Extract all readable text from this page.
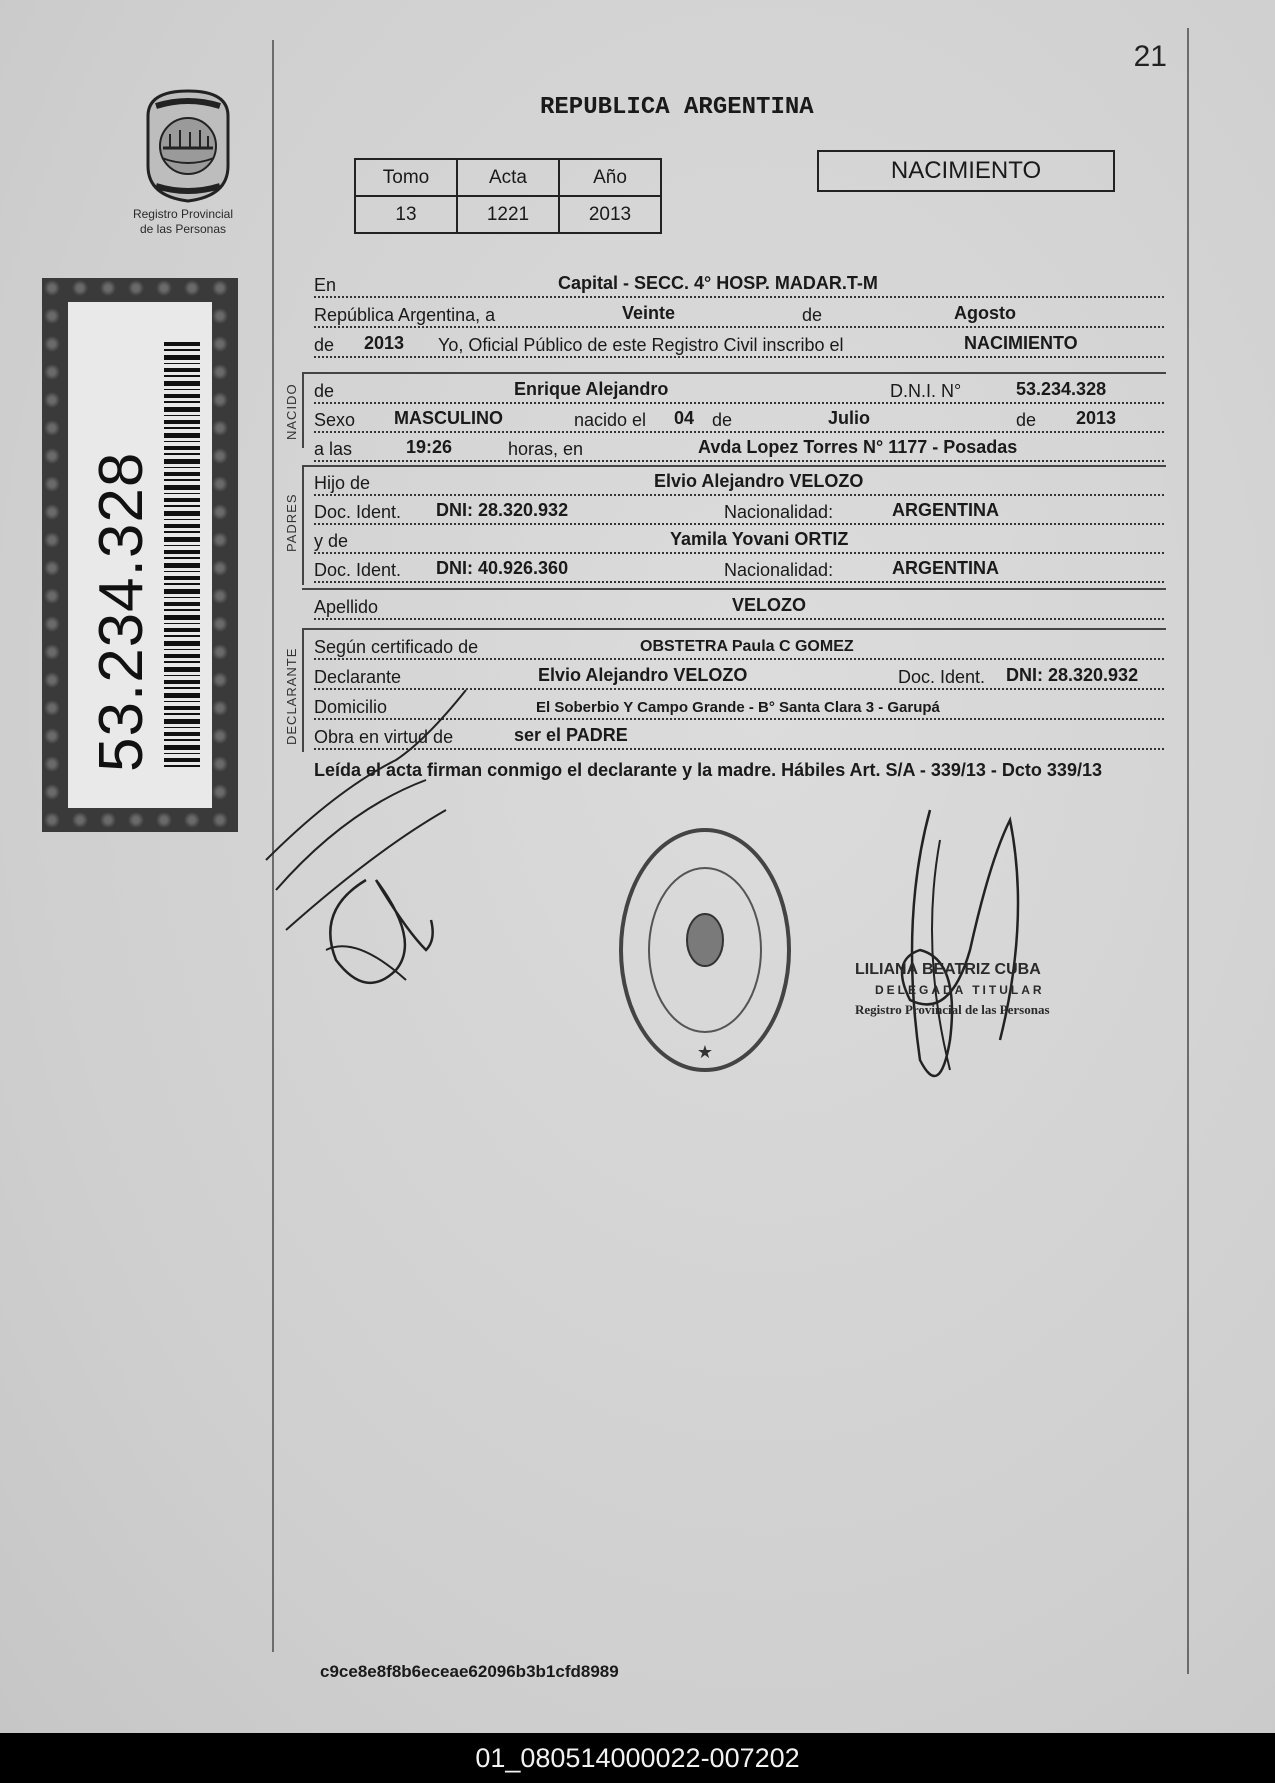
21
Registro Provincial
de las Personas
53.234.328
REPUBLICA ARGENTINA
Tomo	Acta	Año
13	1221	2013
NACIMIENTO
En	Capital - SECC. 4° HOSP. MADAR.T-M
República Argentina, a	Veinte	de	Agosto
de 2013 Yo, Oficial Público de este Registro Civil inscribo el	NACIMIENTO
NACIDO de	Enrique Alejandro	D.N.I. N°	53.234.328
Sexo MASCULINO	nacido el 04 de	Julio	de 2013
a las	19:26	horas, en	Avda Lopez Torres N° 1177 - Posadas
PADRES
Hijo de	Elvio Alejandro VELOZO
Doc. Ident. DNI: 28.320.932	Nacionalidad:	ARGENTINA
y de	Yamila Yovani ORTIZ
Doc. Ident. DNI: 40.926.360	Nacionalidad:	ARGENTINA
Apellido	VELOZO
DECLARANTE
Según certificado de	OBSTETRA Paula C GOMEZ
Declarante	Elvio Alejandro VELOZO	Doc. Ident. DNI: 28.320.932
Domicilio	El Soberbio Y Campo Grande - B° Santa Clara 3 - Garupá
Obra en virtud de	ser el PADRE
Leída el acta firman conmigo el declarante y la madre. Hábiles Art. S/A - 339/13 - Dcto 339/13
★
LILIANA BEATRIZ CUBA
DELEGADA TITULAR
Registro Provincial de las Personas
c9ce8e8f8b6eceae62096b3b1cfd8989
01_080514000022-007202
